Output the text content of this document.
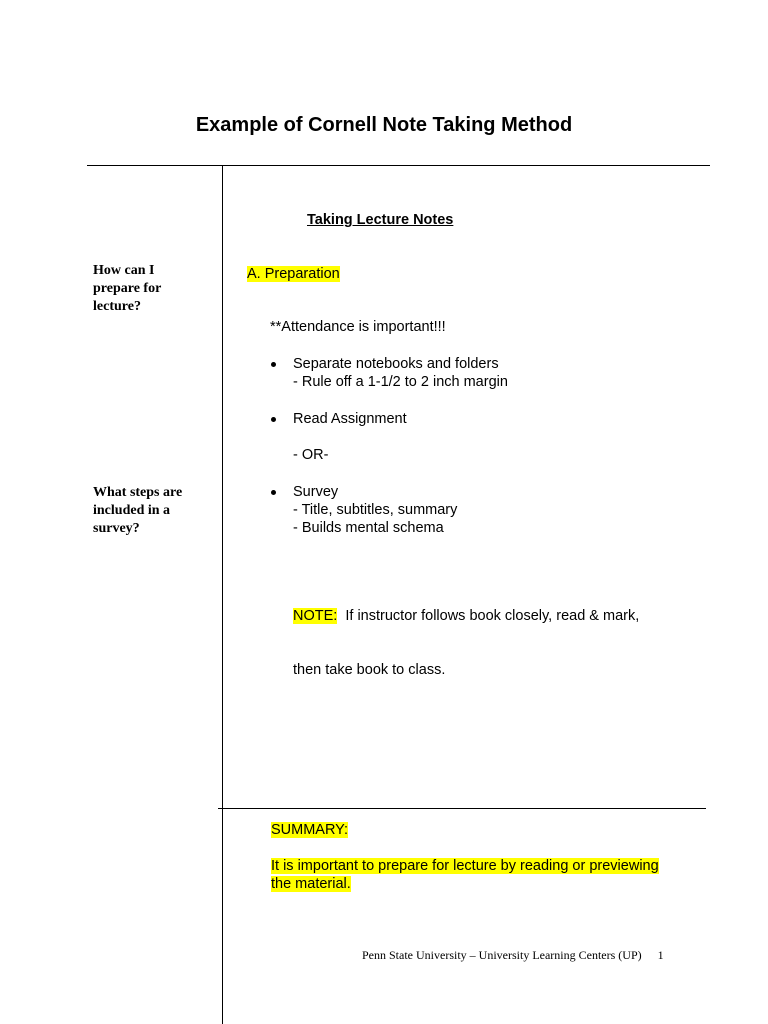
Example of Cornell Note Taking Method
How can I
prepare for
lecture?
What steps are
included in a
survey?
Taking Lecture Notes
A. Preparation
**Attendance is important!!!
Separate notebooks and folders
- Rule off a 1-1/2 to 2 inch margin
Read Assignment
- OR-
Survey
- Title, subtitles, summary
- Builds mental schema

NOTE:  If instructor follows book closely, read & mark,

then take book to class.

SUMMARY:
It is important to prepare for lecture by reading or previewing
the material.
Penn State University – University Learning Centers (UP) 1
